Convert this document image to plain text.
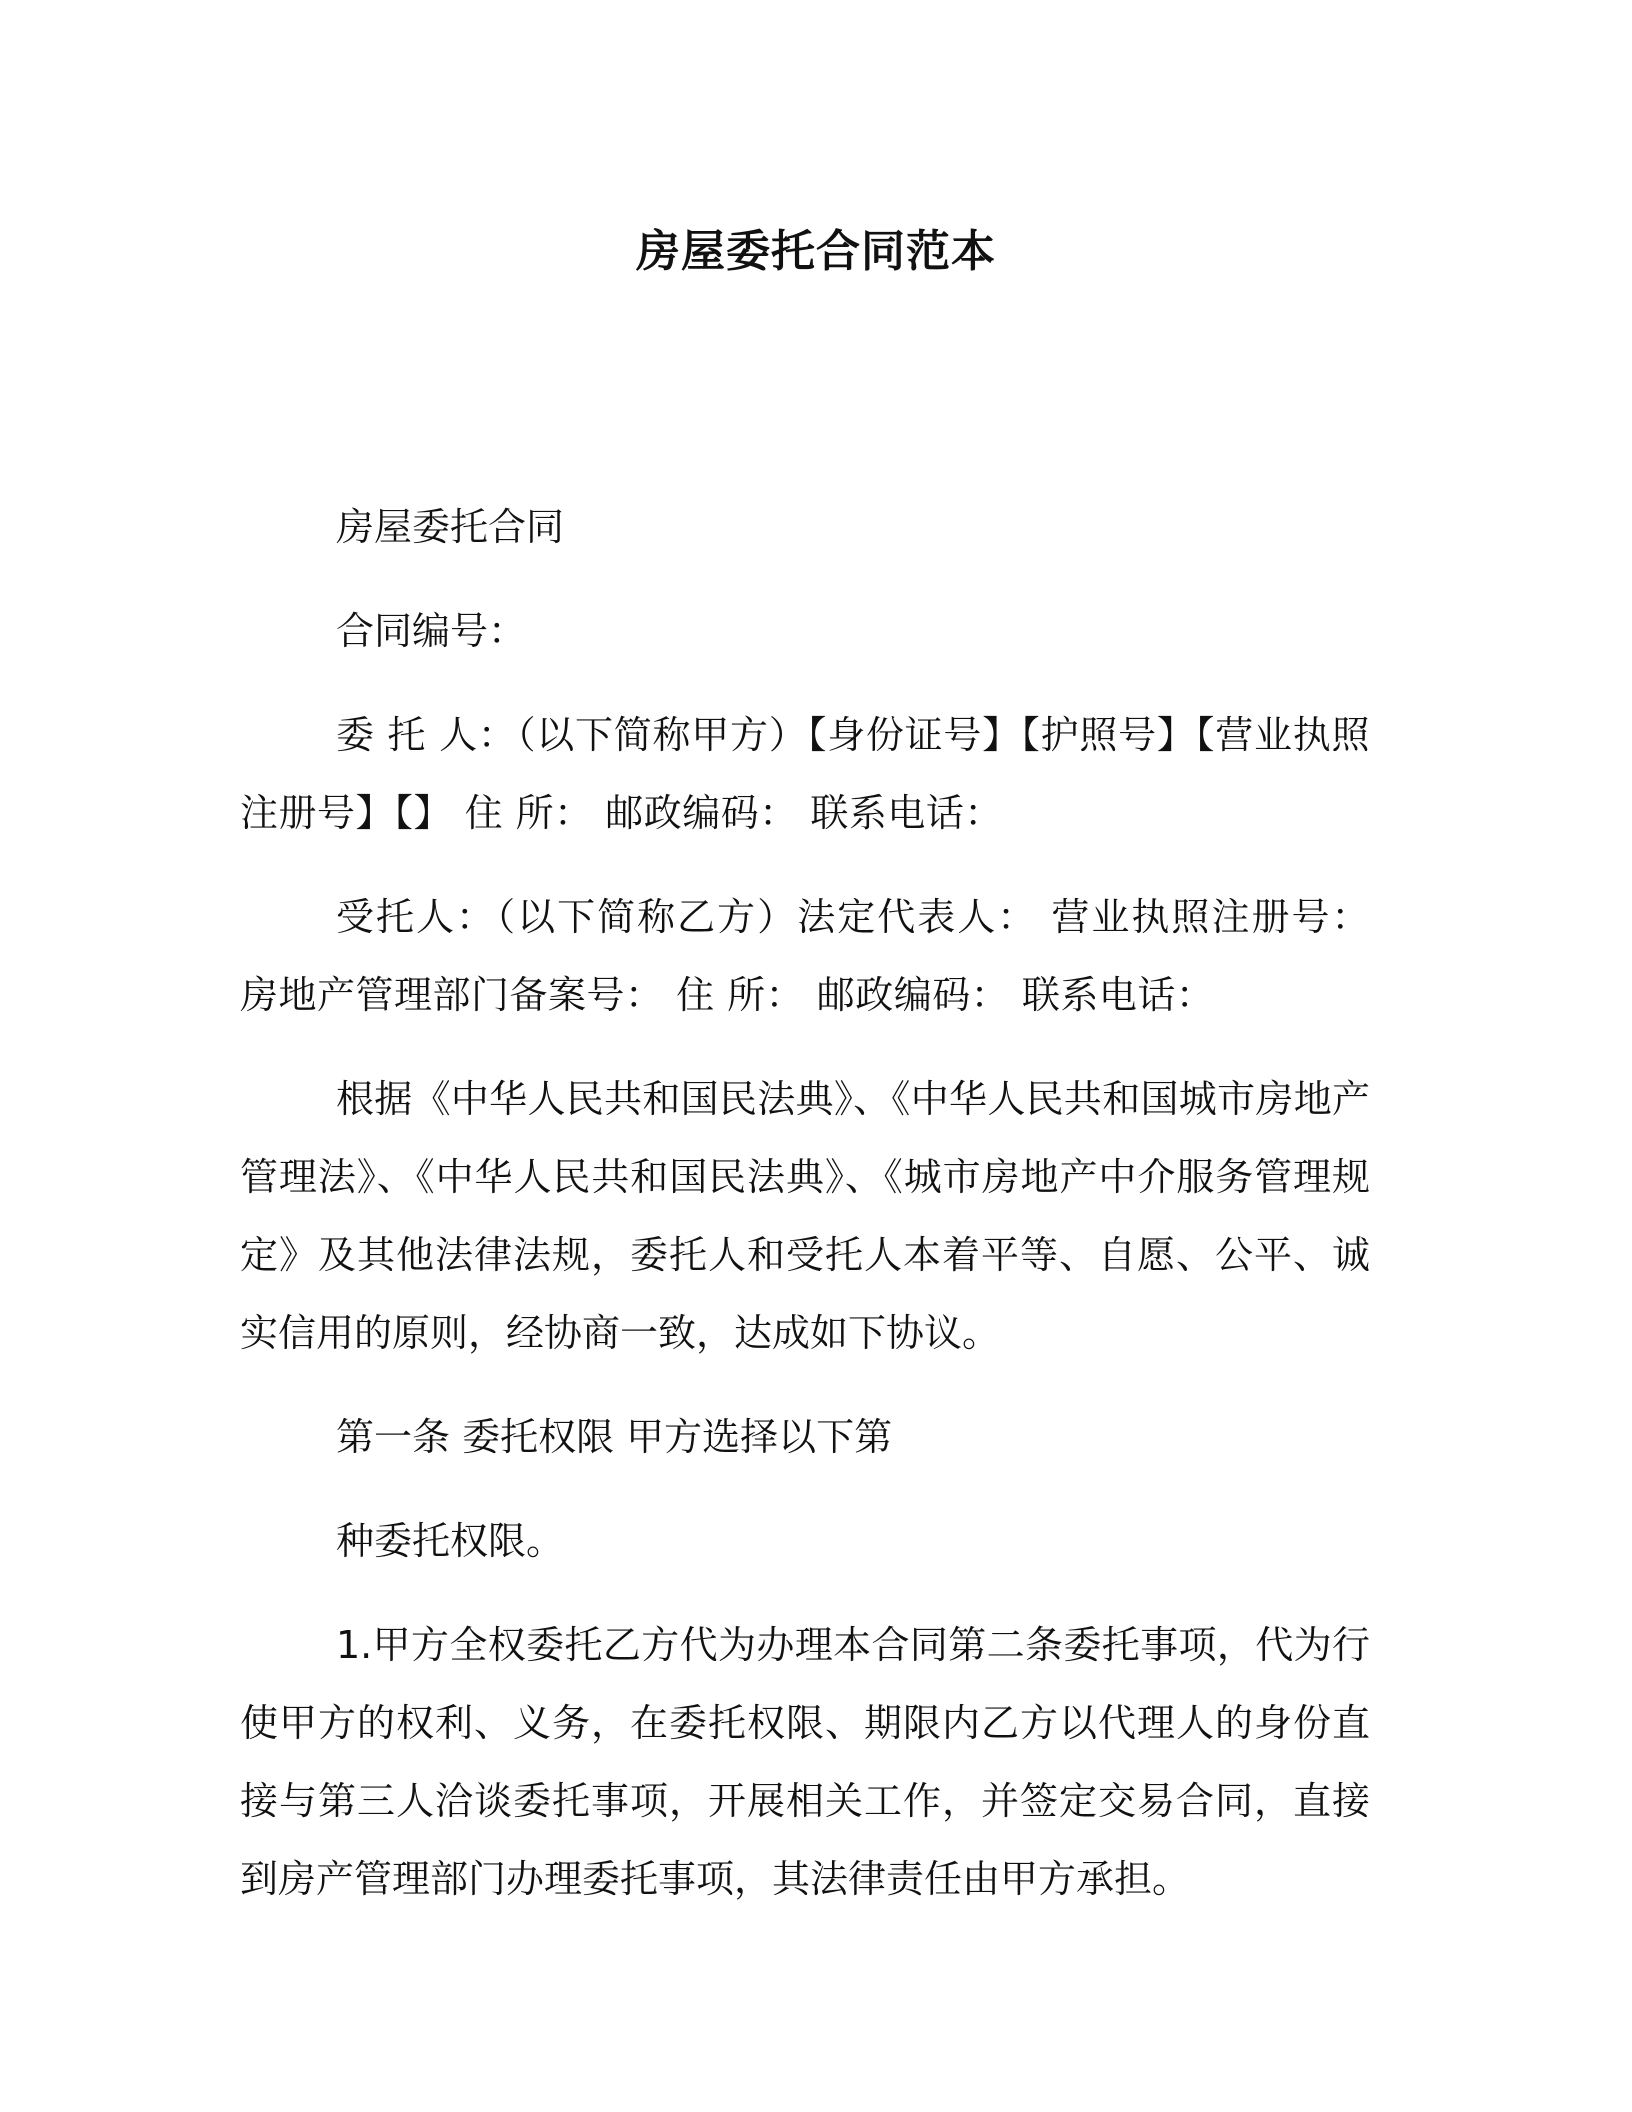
房屋委托合同范本

房屋委托合同

合同编号：

委 托 人：（以下简称甲方）【身份证号】【护照号】【营业执照注册号】【】 住 所： 邮政编码： 联系电话：

受托人：（以下简称乙方）法定代表人： 营业执照注册号： 房地产管理部门备案号： 住 所： 邮政编码： 联系电话：

根据《中华人民共和国民法典》、《中华人民共和国城市房地产管理法》、《中华人民共和国民法典》、《城市房地产中介服务管理规定》及其他法律法规，委托人和受托人本着平等、自愿、公平、诚实信用的原则，经协商一致，达成如下协议。

第一条 委托权限 甲方选择以下第

种委托权限。

1.甲方全权委托乙方代为办理本合同第二条委托事项，代为行使甲方的权利、义务，在委托权限、期限内乙方以代理人的身份直接与第三人洽谈委托事项，开展相关工作，并签定交易合同，直接到房产管理部门办理委托事项，其法律责任由甲方承担。
